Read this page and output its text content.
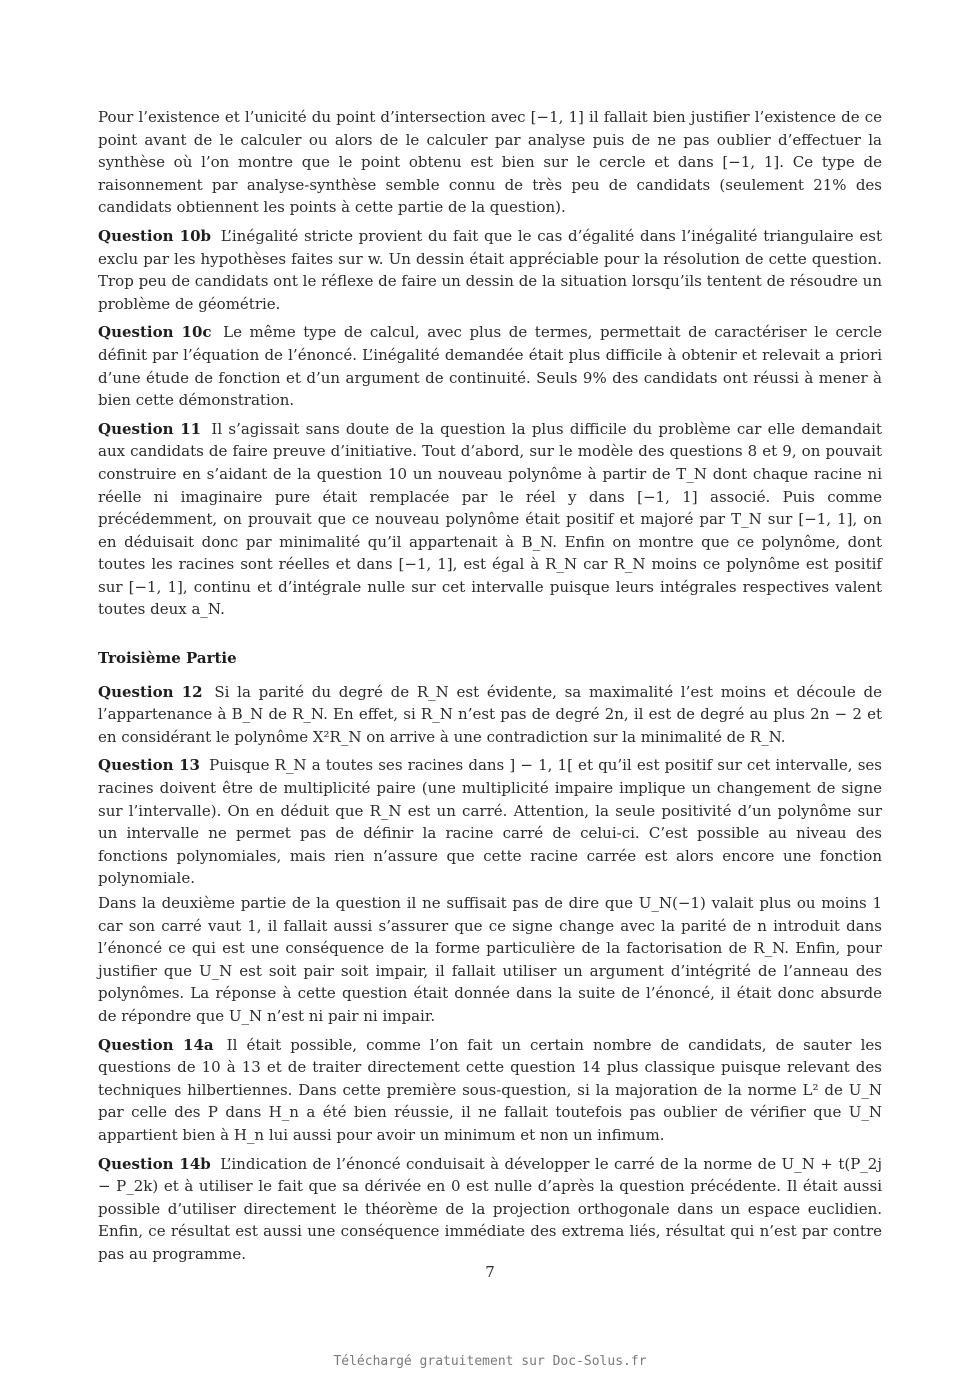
Pour l’existence et l’unicité du point d’intersection avec [−1, 1] il fallait bien justifier l’existence de ce point avant de le calculer ou alors de le calculer par analyse puis de ne pas oublier d’effectuer la synthèse où l’on montre que le point obtenu est bien sur le cercle et dans [−1, 1]. Ce type de raisonnement par analyse-synthèse semble connu de très peu de candidats (seulement 21% des candidats obtiennent les points à cette partie de la question).

Question 10b L’inégalité stricte provient du fait que le cas d’égalité dans l’inégalité triangulaire est exclu par les hypothèses faites sur w. Un dessin était appréciable pour la résolution de cette question. Trop peu de candidats ont le réflexe de faire un dessin de la situation lorsqu’ils tentent de résoudre un problème de géométrie.

Question 10c Le même type de calcul, avec plus de termes, permettait de caractériser le cercle définit par l’équation de l’énoncé. L’inégalité demandée était plus difficile à obtenir et relevait a priori d’une étude de fonction et d’un argument de continuité. Seuls 9% des candidats ont réussi à mener à bien cette démonstration.

Question 11 Il s’agissait sans doute de la question la plus difficile du problème car elle demandait aux candidats de faire preuve d’initiative. Tout d’abord, sur le modèle des questions 8 et 9, on pouvait construire en s’aidant de la question 10 un nouveau polynôme à partir de T_N dont chaque racine ni réelle ni imaginaire pure était remplacée par le réel y dans [−1, 1] associé. Puis comme précédemment, on prouvait que ce nouveau polynôme était positif et majoré par T_N sur [−1, 1], on en déduisait donc par minimalité qu’il appartenait à B_N. Enfin on montre que ce polynôme, dont toutes les racines sont réelles et dans [−1, 1], est égal à R_N car R_N moins ce polynôme est positif sur [−1, 1], continu et d’intégrale nulle sur cet intervalle puisque leurs intégrales respectives valent toutes deux a_N.

Troisième Partie

Question 12 Si la parité du degré de R_N est évidente, sa maximalité l’est moins et découle de l’appartenance à B_N de R_N. En effet, si R_N n’est pas de degré 2n, il est de degré au plus 2n − 2 et en considérant le polynôme X²R_N on arrive à une contradiction sur la minimalité de R_N.

Question 13 Puisque R_N a toutes ses racines dans ] − 1, 1[ et qu’il est positif sur cet intervalle, ses racines doivent être de multiplicité paire (une multiplicité impaire implique un changement de signe sur l’intervalle). On en déduit que R_N est un carré. Attention, la seule positivité d’un polynôme sur un intervalle ne permet pas de définir la racine carré de celui-ci. C’est possible au niveau des fonctions polynomiales, mais rien n’assure que cette racine carrée est alors encore une fonction polynomiale.

Dans la deuxième partie de la question il ne suffisait pas de dire que U_N(−1) valait plus ou moins 1 car son carré vaut 1, il fallait aussi s’assurer que ce signe change avec la parité de n introduit dans l’énoncé ce qui est une conséquence de la forme particulière de la factorisation de R_N. Enfin, pour justifier que U_N est soit pair soit impair, il fallait utiliser un argument d’intégrité de l’anneau des polynômes. La réponse à cette question était donnée dans la suite de l’énoncé, il était donc absurde de répondre que U_N n’est ni pair ni impair.

Question 14a Il était possible, comme l’on fait un certain nombre de candidats, de sauter les questions de 10 à 13 et de traiter directement cette question 14 plus classique puisque relevant des techniques hilbertiennes. Dans cette première sous-question, si la majoration de la norme L² de U_N par celle des P dans H_n a été bien réussie, il ne fallait toutefois pas oublier de vérifier que U_N appartient bien à H_n lui aussi pour avoir un minimum et non un infimum.

Question 14b L’indication de l’énoncé conduisait à développer le carré de la norme de U_N + t(P_2j − P_2k) et à utiliser le fait que sa dérivée en 0 est nulle d’après la question précédente. Il était aussi possible d’utiliser directement le théorème de la projection orthogonale dans un espace euclidien. Enfin, ce résultat est aussi une conséquence immédiate des extrema liés, résultat qui n’est par contre pas au programme.

7
Téléchargé gratuitement sur Doc-Solus.fr
